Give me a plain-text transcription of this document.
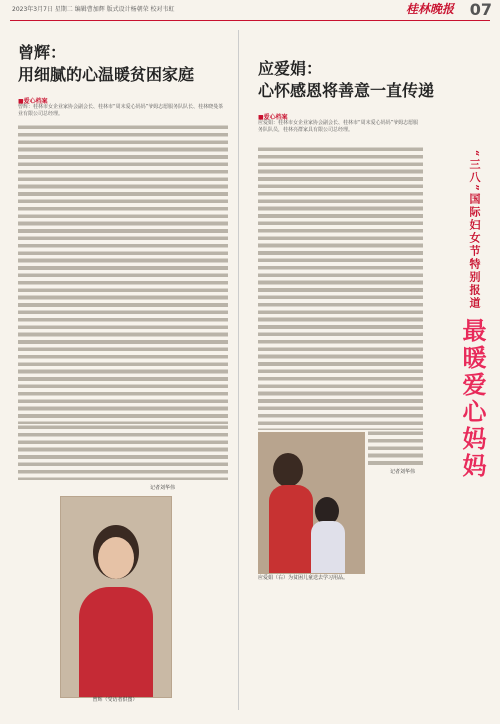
2023年3月7日 星期二 编辑曹加辉 版式设计杨朝荣 校对韦虹	桂林晚报 07
曾辉：
用细腻的心温暖贫困家庭
■爱心档案
曾辉：桂林市女企业家协会副会长、桂林市“周末爱心妈妈”爷姆志愿服务队队长、桂林晓曼茶业有限公司总经理。
记者刘华伟
曾辉（受访者供图）
应爱娟：
心怀感恩将善意一直传递
■爱心档案
应爱娟：桂林市女企业家协会副会长、桂林市“周末爱心妈妈”爷姆志愿服务队队员，桂林亮群家具有限公司总经理。
记者刘华伟
应爱娟（右）为贫困儿童送去学习用品。
“三八”国际妇女节特别报道
最暖爱心妈妈
